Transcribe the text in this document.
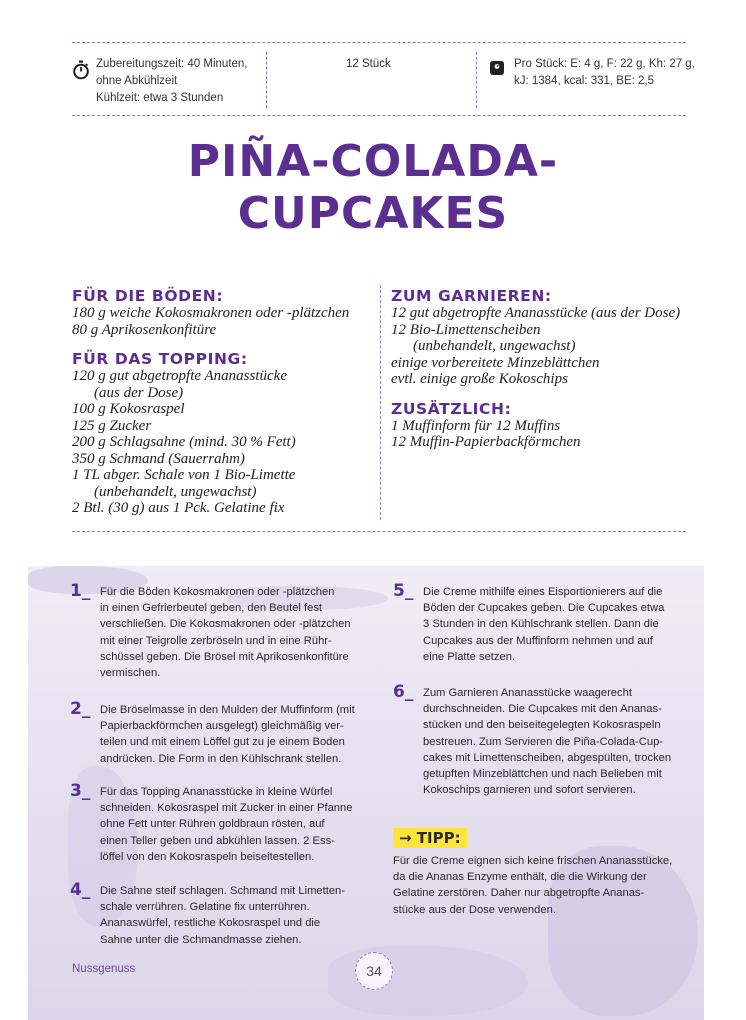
Zubereitungszeit: 40 Minuten,
ohne Abkühlzeit
Kühlzeit: etwa 3 Stunden
12 Stück	Pro Stück: E: 4 g, F: 22 g, Kh: 27 g,
kJ: 1384, kcal: 331, BE: 2,5
PIÑA-COLADA-
CUPCAKES
FÜR DIE BÖDEN:
180 g weiche Kokosmakronen oder -plätzchen
80 g Aprikosenkonfitüre
FÜR DAS TOPPING:
120 g gut abgetropfte Ananasstücke
(aus der Dose)
100 g Kokosraspel
125 g Zucker
200 g Schlagsahne (mind. 30 % Fett)
350 g Schmand (Sauerrahm)
1 TL abger. Schale von 1 Bio-Limette
(unbehandelt, ungewachst)
2 Btl. (30 g) aus 1 Pck. Gelatine fix
ZUM GARNIEREN:
12 gut abgetropfte Ananasstücke (aus der Dose)
12 Bio-Limettenscheiben
(unbehandelt, ungewachst)
einige vorbereitete Minzeblättchen
evtl. einige große Kokoschips
ZUSÄTZLICH:
1 Muffinform für 12 Muffins
12 Muffin-Papierbackförmchen
1_ Für die Böden Kokosmakronen oder -plätzchen
in einen Gefrierbeutel geben, den Beutel fest
verschließen. Die Kokosmakronen oder -plätzchen
mit einer Teigrolle zerbröseln und in eine Rühr-
schüssel geben. Die Brösel mit Aprikosenkonfitüre
vermischen.
2_ Die Bröselmasse in den Mulden der Muffinform (mit
Papierbackförmchen ausgelegt) gleichmäßig ver-
teilen und mit einem Löffel gut zu je einem Boden
andrücken. Die Form in den Kühlschrank stellen.
3_ Für das Topping Ananasstücke in kleine Würfel
schneiden. Kokosraspel mit Zucker in einer Pfanne
ohne Fett unter Rühren goldbraun rösten, auf
einen Teller geben und abkühlen lassen. 2 Ess-
löffel von den Kokosraspeln beiseitestellen.
4_ Die Sahne steif schlagen. Schmand mit Limetten-
schale verrühren. Gelatine fix unterrühren.
Ananaswürfel, restliche Kokosraspel und die
Sahne unter die Schmandmasse ziehen.
5_ Die Creme mithilfe eines Eisportionierers auf die
Böden der Cupcakes geben. Die Cupcakes etwa
3 Stunden in den Kühlschrank stellen. Dann die
Cupcakes aus der Muffinform nehmen und auf
eine Platte setzen.
6_ Zum Garnieren Ananasstücke waagerecht
durchschneiden. Die Cupcakes mit den Ananas-
stücken und den beiseitegelegten Kokosraspeln
bestreuen. Zum Servieren die Piña-Colada-Cup-
cakes mit Limettenscheiben, abgespülten, trocken
getupften Minzeblättchen und nach Belieben mit
Kokoschips garnieren und sofort servieren.
→ TIPP:
Für die Creme eignen sich keine frischen Ananasstücke,
da die Ananas Enzyme enthält, die die Wirkung der
Gelatine zerstören. Daher nur abgetropfte Ananas-
stücke aus der Dose verwenden.
Nussgenuss	34
